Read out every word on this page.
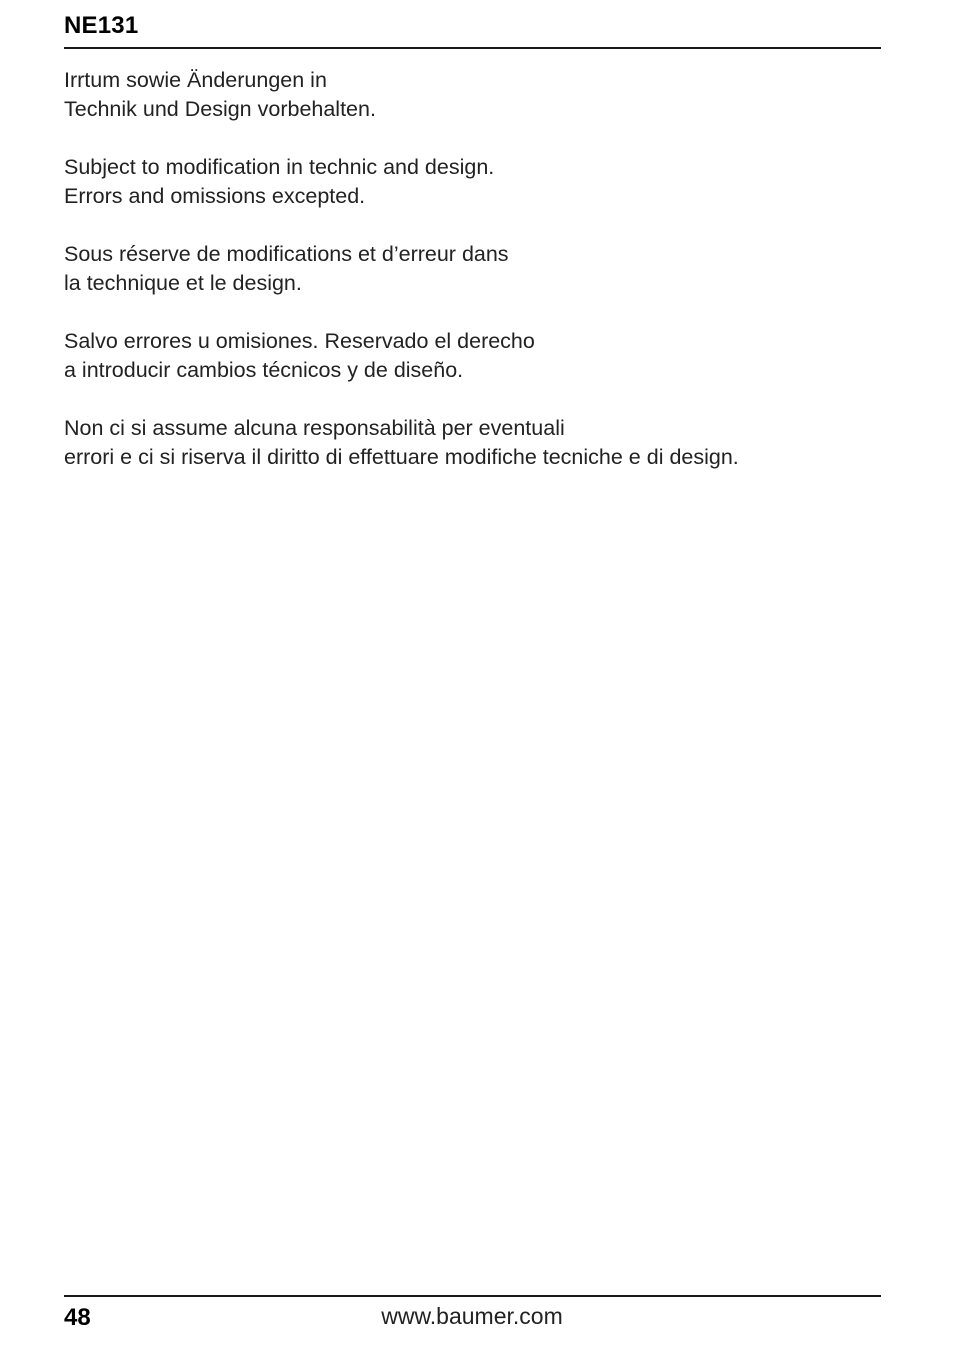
NE131

Irrtum sowie Änderungen in
Technik und Design vorbehalten.

Subject to modification in technic and design.
Errors and omissions excepted.

Sous réserve de modifications et d’erreur dans
la technique et le design.

Salvo errores u omisiones. Reservado el derecho
a introducir cambios técnicos y de diseño.

Non ci si assume alcuna responsabilità per eventuali
errori e ci si riserva il diritto di effettuare modifiche tecniche e di design.

48	www.baumer.com
